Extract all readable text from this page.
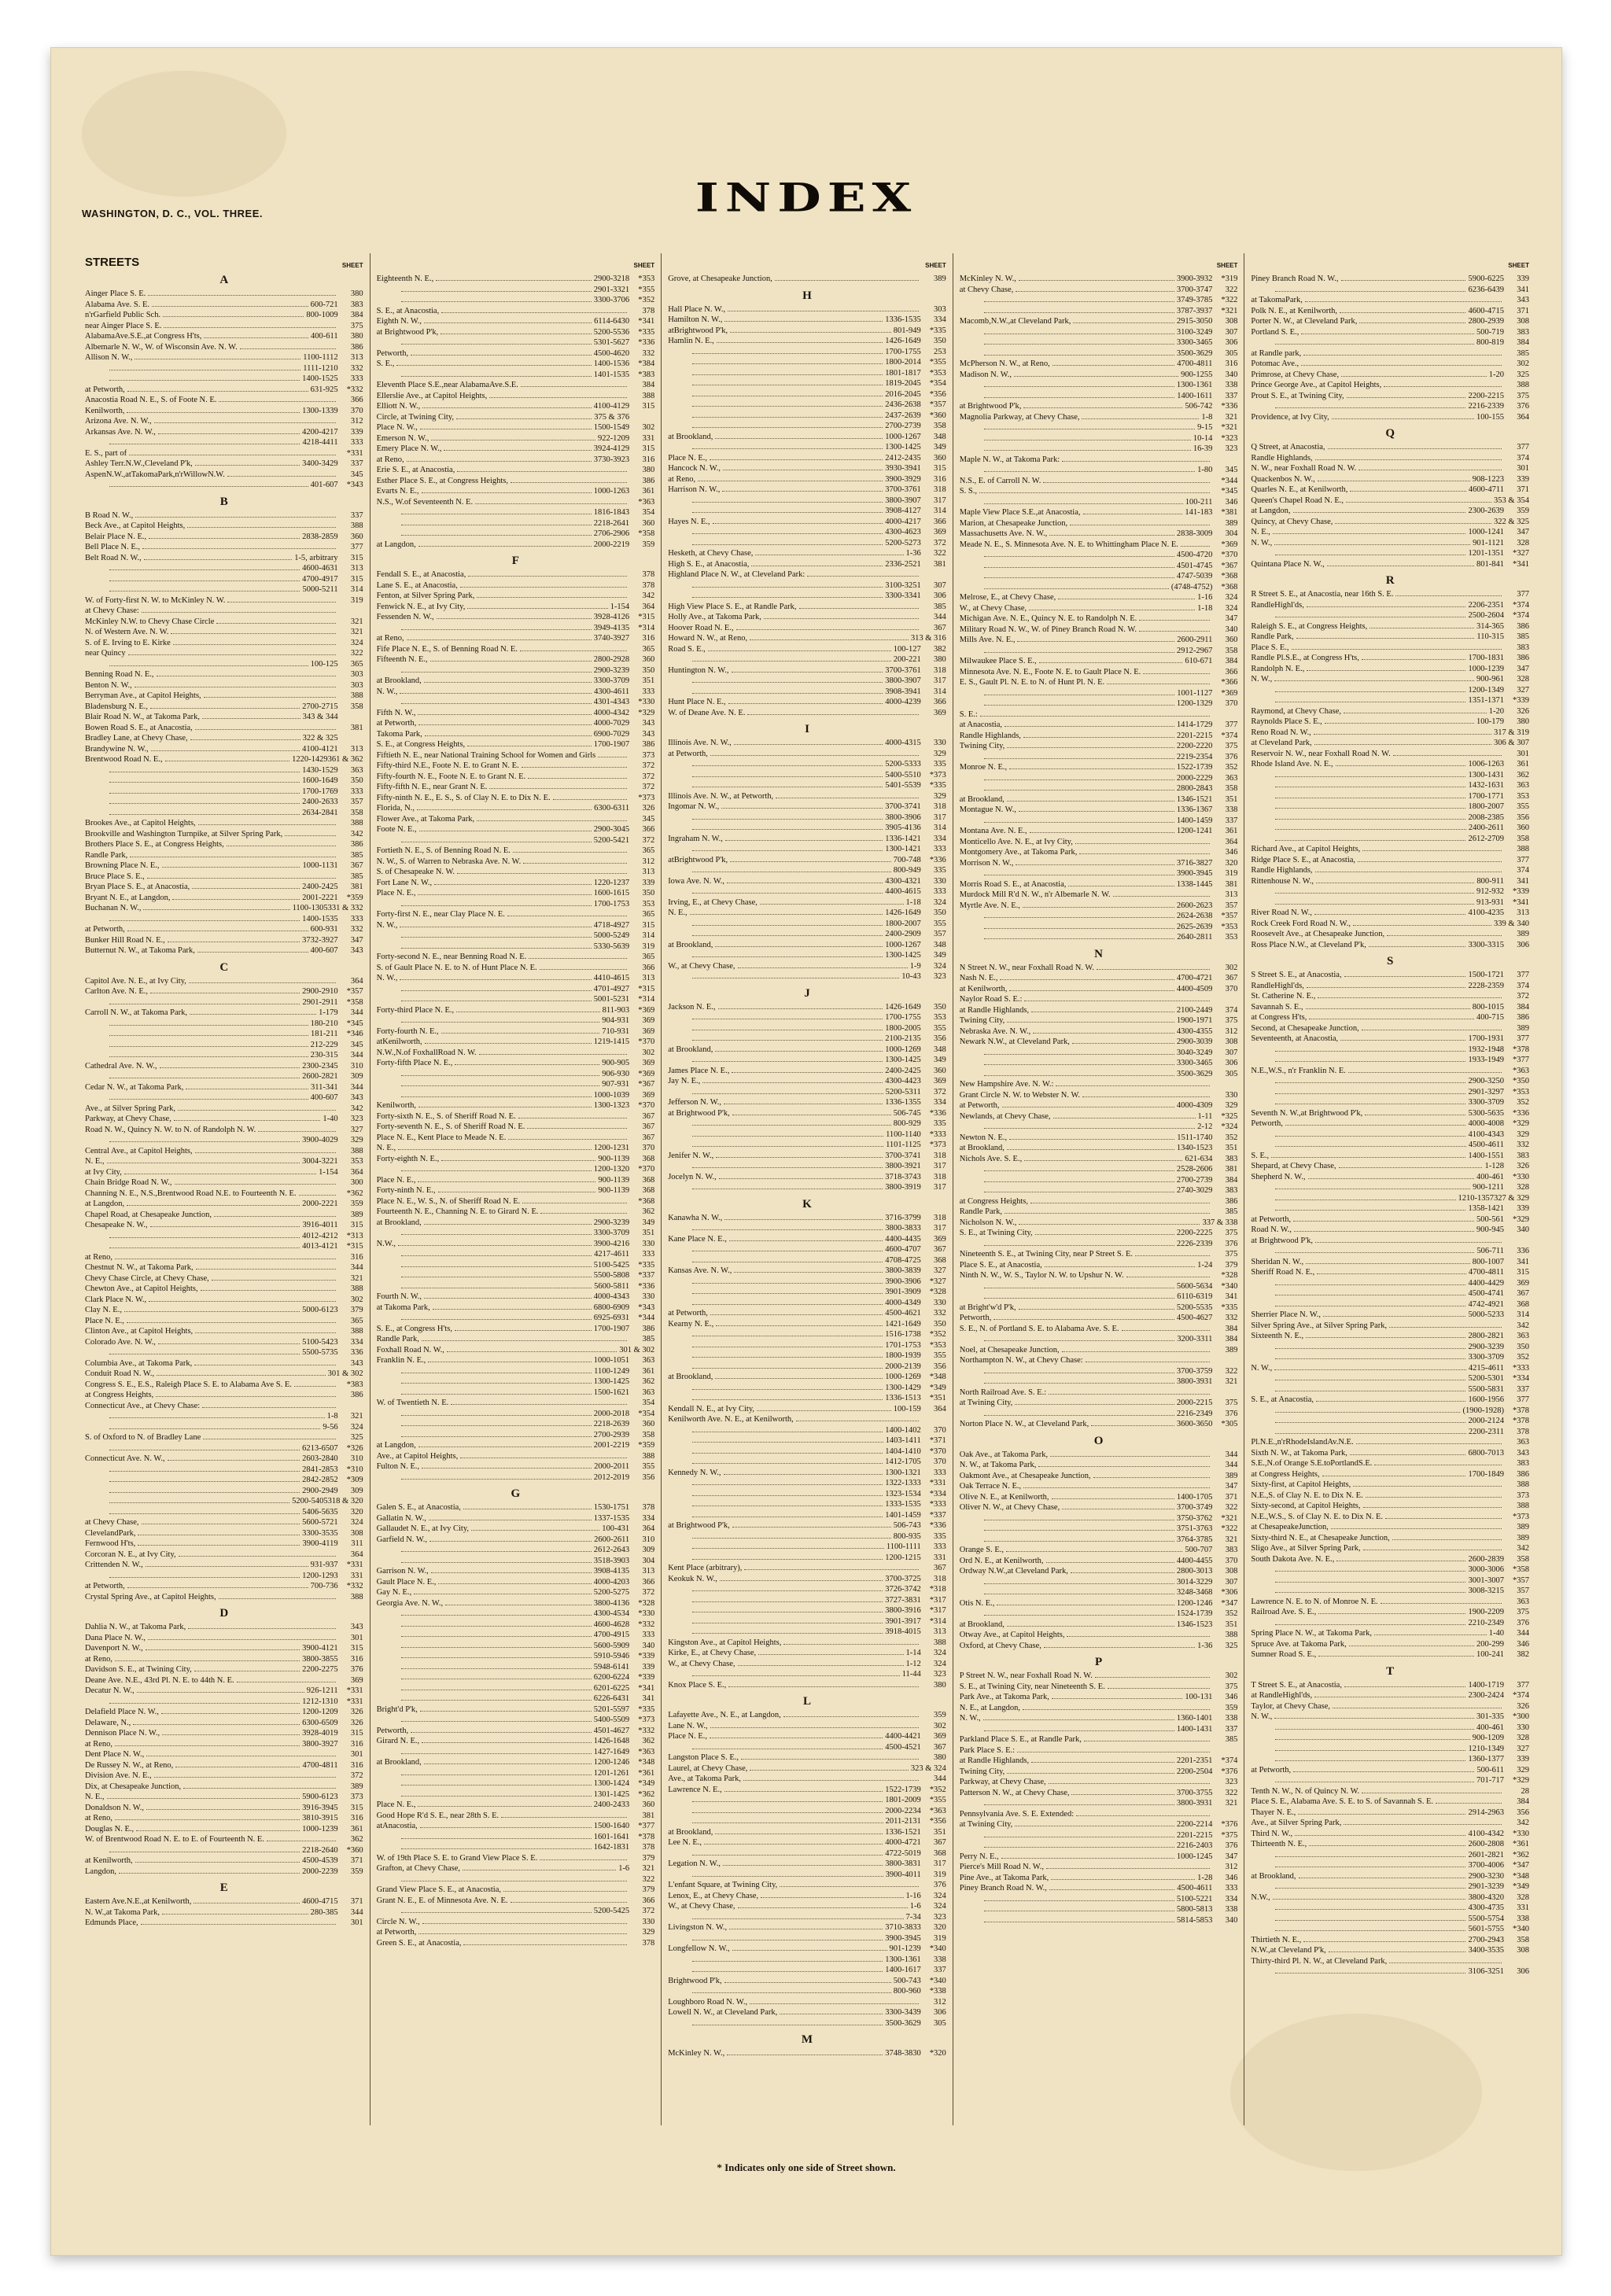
WASHINGTON, D. C., VOL. THREE.	INDEX
STREETS	SHEET
A
Ainger Place S. E.	380
Alabama Ave. S. E.	600-721	383
n'rGarfield Public Sch.	800-1009	384
near Ainger Place S. E.	375
AlabamaAve.S.E.,at Congress H'ts,	400-611	380
Albemarle N. W., W. of Wisconsin Ave. N. W.	386
Allison N. W.,	1100-1112	313
1111-1210	332
1400-1525	333
at Petworth,	631-925	*332
Anacostia Road N. E., S. of Foote N. E.	366
Kenilworth,	1300-1339	370
Arizona Ave. N. W.,	312
Arkansas Ave. N. W.,	4200-4217	339
4218-4411	333
E. S., part of	*331
Ashley Terr.N.W.,Cleveland P'k,	3400-3429	337
AspenN.W.,atTakomaPark,n'rWillowN.W.	345
401-607	*343
B
B Road N. W.,	337
Beck Ave., at Capitol Heights,	388
Belair Place N. E.,	2838-2859	360
Bell Place N. E.,	377
Belt Road N. W.,	1-5, arbitrary	315
4600-4631	313
4700-4917	315
5000-5211	314
W. of Forty-first N. W. to McKinley N. W.	319
at Chevy Chase:
McKinley N.W. to Chevy Chase Circle	321
N. of Western Ave. N. W.	321
S. of E. Irving to E. Kirke	324
near Quincy	322
100-125	365
Benning Road N. E.,	303
Benton N. W.,	303
Berryman Ave., at Capitol Heights,	388
Bladensburg N. E.,	2700-2715	358
Blair Road N. W., at Takoma Park,	343 & 344
Bowen Road S. E., at Anacostia,	381
Bradley Lane, at Chevy Chase,	322 & 325
Brandywine N. W.,	4100-4121	313
Brentwood Road N. E.,	1220-1429 361 & 362
1430-1529	363
1600-1649	350
1700-1769	333
2400-2633	357
2634-2841	358
Brookes Ave., at Capitol Heights,	388
Brookville and Washington Turnpike, at Silver Spring Park,	342
Brothers Place S. E., at Congress Heights,	386
Randle Park,	385
Browning Place N. E.,	1000-1131	367
Bruce Place S. E.,	385
Bryan Place S. E., at Anacostia,	2400-2425	381
Bryant N. E., at Langdon,	2001-2221	*359
Buchanan N. W.,	1100-1305 331 & 332
1400-1535	333
at Petworth,	600-931	332
Bunker Hill Road N. E.,	3732-3927	347
Butternut N. W., at Takoma Park,	400-607	343
C
Capitol Ave. N. E., at Ivy City,	364
Carlton Ave. N. E.,	2900-2910	*357
2901-2911	*358
Carroll N. W., at Takoma Park,	1-179	344
180-210	*345
181-211	*346
212-229	345
230-315	344
Cathedral Ave. N. W.,	2300-2345	310
2600-2821	309
Cedar N. W., at Takoma Park,	311-341	344
400-607	343
Ave., at Silver Spring Park,	342
Parkway, at Chevy Chase,	1-40	323
Road N. W., Quincy N. W. to N. of Randolph N. W.	327
3900-4029	329
Central Ave., at Capitol Heights,	388
N. E.,	3004-3221	353
at Ivy City,	1-154	364
Chain Bridge Road N. W.,	300
Channing N. E., N.S.,Brentwood Road N.E. to Fourteenth N. E.	*362
at Langdon,	2000-2221	359
Chapel Road, at Chesapeake Junction,	389
Chesapeake N. W.,	3916-4011	315
4012-4212	*313
4013-4121	*315
at Reno,	316
Chestnut N. W., at Takoma Park,	344
Chevy Chase Circle, at Chevy Chase,	321
Chewton Ave., at Capitol Heights,	388
Clark Place N. W.,	302
Clay N. E.,	5000-6123	379
Place N. E.,	365
Clinton Ave., at Capitol Heights,	388
Colorado Ave. N. W.,	5100-5423	334
5500-5735	336
Columbia Ave., at Takoma Park,	343
Conduit Road N. W.,	301 & 302
Congress S. E., E.S., Raleigh Place S. E. to Alabama Ave S. E.	*383
at Congress Heights,	386
Connecticut Ave., at Chevy Chase:
1-8	321
9-56	324
S. of Oxford to N. of Bradley Lane	325
6213-6507	*326
Connecticut Ave. N. W.,	2603-2840	310
2841-2853	*310
2842-2852	*309
2900-2949	309
5200-5405 318 & 320
5406-5635	320
at Chevy Chase,	5600-5721	324
ClevelandPark,	3300-3535	308
Fernwood H'ts,	3900-4119	311
Corcoran N. E., at Ivy City,	364
Crittenden N. W.,	931-937	*331
1200-1293	331
at Petworth,	700-736	*332
Crystal Spring Ave., at Capitol Heights,	388
D
Dahlia N. W., at Takoma Park,	343
Dana Place N. W.,	301
Davenport N. W.,	3900-4121	315
at Reno,	3800-3855	316
Davidson S. E., at Twining City,	2200-2275	376
Deane Ave. N.E., 43rd Pl. N. E. to 44th N. E.	369
Decatur N. W.,	926-1211	*331
1212-1310	*331
Delafield Place N. W.,	1200-1209	326
Delaware, N.,	6300-6509	326
Dennison Place N. W.,	3928-4019	315
at Reno,	3800-3927	316
Dent Place N. W.,	301
De Russey N. W., at Reno,	4700-4811	316
Division Ave. N. E.,	372
Dix, at Chesapeake Junction,	389
N. E.,	5900-6123	373
Donaldson N. W.,	3916-3945	315
at Reno,	3810-3915	316
Douglas N. E.,	1000-1239	361
W. of Brentwood Road N. E. to E. of Fourteenth N. E.	362
2218-2640	*360
at Kenilworth,	4500-4539	371
Langdon,	2000-2239	359
E
Eastern Ave.N.E.,at Kenilworth,	4600-4715	371
N. W.,at Takoma Park,	280-385	344
Edmunds Place,	301
SHEET
Eighteenth N. E.,	2900-3218	*353
2901-3321	*355
3300-3706	*352
S. E., at Anacostia,	378
Eighth N. W.,	6114-6430	*341
at Brightwood P'k,	5200-5536	*335
5301-5627	*336
Petworth,	4500-4620	332
S. E.,	1400-1536	*384
1401-1535	*383
Eleventh Place S.E.,near AlabamaAve.S.E.	384
Ellerslie Ave., at Capitol Heights,	388
Elliott N. W.,	4100-4129	315
Circle, at Twining City,	375 & 376
Place N. W.,	1500-1549	302
Emerson N. W.,	922-1209	331
Emery Place N. W.,	3924-4129	315
at Reno,	3730-3923	316
Erie S. E., at Anacostia,	380
Esther Place S. E., at Congress Heights,	386
Evarts N. E.,	1000-1263	361
N.S., W.of Seventeenth N. E.	*363
1816-1843	354
2218-2641	360
2706-2906	*358
at Langdon,	2000-2219	359
F
Fendall S. E., at Anacostia,	378
Lane S. E., at Anacostia,	378
Fenton, at Silver Spring Park,	342
Fenwick N. E., at Ivy City,	1-154	364
Fessenden N. W.,	3928-4126	*315
3949-4135	*314
at Reno,	3740-3927	316
Fife Place N. E., S. of Benning Road N. E.	365
Fifteenth N. E.,	2800-2928	360
2900-3239	350
at Brookland,	3300-3709	351
N. W.,	4300-4611	333
4301-4343	*330
Fifth N. W.,	4000-4342	*329
at Petworth,	4000-7029	343
Takoma Park,	6900-7029	343
S. E., at Congress Heights,	1700-1907	386
Fiftieth N. E., near National Training School for Women and Girls	373
Fifty-third N.E., Foote N. E. to Grant N. E.	372
Fifty-fourth N. E., Foote N. E. to Grant N. E.	372
Fifty-fifth N. E., near Grant N. E.	372
Fifty-ninth N. E., E. S., S. of Clay N. E. to Dix N. E.	*373
Florida, N.,	6300-6311	326
Flower Ave., at Takoma Park,	345
Foote N. E.,	2900-3045	366
5200-5421	372
Fortieth N. E., S. of Benning Road N. E.	365
N. W., S. of Warren to Nebraska Ave. N. W.	312
S. of Chesapeake N. W.	313
Fort Lane N. W.,	1220-1237	339
Place N. E.,	1600-1615	350
1700-1753	353
Forty-first N. E., near Clay Place N. E.	365
N. W.,	4718-4927	315
5000-5249	314
5330-5639	319
Forty-second N. E., near Benning Road N. E.	365
S. of Gault Place N. E. to N. of Hunt Place N. E.	366
N. W.,	4410-4615	313
4701-4927	*315
5001-5231	*314
Forty-third Place N. E.,	811-903	*369
904-931	369
Forty-fourth N. E.,	710-931	369
atKenilworth,	1219-1415	*370
N.W.,N.of FoxhallRoad N. W.	302
Forty-fifth Place N. E.,	900-905	369
906-930	*369
907-931	*367
1000-1039	369
Kenilworth,	1300-1323	*370
Forty-sixth N. E., S. of Sheriff Road N. E.	367
Forty-seventh N. E., S. of Sheriff Road N. E.	367
Place N. E., Kent Place to Meade N. E.	367
N. E.,	1200-1231	370
Forty-eighth N. E.,	900-1139	368
1200-1320	*370
Place N. E.,	900-1139	368
Forty-ninth N. E.,	900-1139	368
Place N. E., W. S., N. of Sheriff Road N. E.	*368
Fourteenth N. E., Channing N. E. to Girard N. E.	362
at Brookland,	2900-3239	349
3300-3709	351
N.W.,	3900-4216	330
4217-4611	333
5100-5425	*335
5500-5808	*337
5600-5811	*336
Fourth N. W.,	4000-4343	330
at Takoma Park,	6800-6909	*343
6925-6931	*344
S. E., at Congress H'ts,	1700-1907	386
Randle Park,	385
Foxhall Road N. W.,	301 & 302
Franklin N. E.,	1000-1051	363
1100-1249	361
1300-1425	362
1500-1621	363
W. of Twentieth N. E.	354
2000-2018	*354
2218-2639	360
2700-2939	358
at Langdon,	2001-2219	*359
Ave., at Capitol Heights,	388
Fulton N. E.,	2000-2011	355
2012-2019	356
G
Galen S. E., at Anacostia,	1530-1751	378
Gallatin N. W.,	1337-1535	334
Gallaudet N. E., at Ivy City,	100-431	364
Garfield N. W.,	2600-2611	310
2612-2643	309
3518-3903	304
Garrison N. W.,	3908-4135	313
Gault Place N. E.,	4000-4203	366
Gay N. E.,	5200-5275	372
Georgia Ave. N. W.,	3800-4136	*328
4300-4534	*330
4600-4628	*332
4700-4915	333
5600-5909	340
5910-5946	*339
5948-6141	339
6200-6224	*339
6201-6225	*341
6226-6431	341
Bright'd P'k,	5201-5597	*335
5400-5509	*373
Petworth,	4501-4627	*332
Girard N. E.,	1426-1648	362
1427-1649	*363
at Brookland,	1200-1246	*348
1201-1261	*361
1300-1424	*349
1301-1425	*362
Place N. E.,	2400-2433	360
Good Hope R'd S. E., near 28th S. E.	381
atAnacostia,	1500-1640	*377
1601-1641	*378
1642-1831	378
W. of 19th Place S. E. to Grand View Place S. E.	379
Grafton, at Chevy Chase,	1-6	321
322
Grand View Place S. E., at Anacostia,	379
Grant N. E., E. of Minnesota Ave. N. E.	366
5200-5425	372
Circle N. W.,	330
at Petworth,	329
Green S. E., at Anacostia,	378
SHEET
Grove, at Chesapeake Junction,	389
H
Hall Place N. W.,	303
Hamilton N. W.,	1336-1535	334
atBrightwood P'k,	801-949	*335
Hamlin N. E.,	1426-1649	350
1700-1755	253
1800-2014	*355
1801-1817	*353
1819-2045	*354
2016-2045	*356
2436-2638	*357
2437-2639	*360
2700-2739	358
at Brookland,	1000-1267	348
1300-1425	349
Place N. E.,	2412-2435	360
Hancock N. W.,	3930-3941	315
at Reno,	3900-3929	316
Harrison N. W.,	3700-3761	318
3800-3907	317
3908-4127	314
Hayes N. E.,	4000-4217	366
4300-4623	369
5200-5273	372
Hesketh, at Chevy Chase,	1-36	322
High S. E., at Anacostia,	2336-2521	381
Highland Place N. W., at Cleveland Park:
3100-3251	307
3300-3341	306
High View Place S. E., at Randle Park,	385
Holly Ave., at Takoma Park,	344
Hoover Road N. E.,	367
Howard N. W., at Reno,	313 & 316
Road S. E.,	100-127	382
200-221	380
Huntington N. W.,	3700-3761	318
3800-3907	317
3908-3941	314
Hunt Place N. E.,	4000-4239	366
W. of Deane Ave. N. E.	369
I
Illinois Ave. N. W.,	4000-4315	330
at Petworth,	329
5200-5333	335
5400-5510	*373
5401-5539	*335
Illinois Ave. N. W., at Petworth,	329
Ingomar N. W.,	3700-3741	318
3800-3906	317
3905-4136	314
Ingraham N. W.,	1336-1421	334
1300-1421	333
atBrightwood P'k,	700-748	*336
800-949	335
Iowa Ave. N. W.,	4300-4321	330
4400-4615	333
Irving, E., at Chevy Chase,	1-18	324
N. E.,	1426-1649	350
1800-2007	355
2400-2909	357
at Brookland,	1000-1267	348
1300-1425	349
W., at Chevy Chase,	1-9	324
10-43	323
J
Jackson N. E.,	1426-1649	350
1700-1755	353
1800-2005	355
2100-2135	356
at Brookland,	1000-1269	348
1300-1425	349
James Place N. E.,	2400-2425	360
Jay N. E.,	4300-4423	369
5200-5311	372
Jefferson N. W.,	1336-1355	334
at Brightwood P'k,	506-745	*336
800-929	335
1100-1140	*333
1101-1125	*373
Jenifer N. W.,	3700-3741	318
3800-3921	317
Jocelyn N. W.,	3718-3743	318
3800-3919	317
K
Kanawha N. W.,	3716-3799	318
3800-3833	317
Kane Place N. E.,	4400-4435	369
4600-4707	367
4708-4725	368
Kansas Ave. N. W.,	3800-3839	327
3900-3906	*327
3901-3909	*328
4000-4349	330
at Petworth,	4500-4621	332
Kearny N. E.,	1421-1649	350
1516-1738	*352
1701-1753	*353
1800-1939	355
2000-2139	356
at Brookland,	1000-1269	*348
1300-1429	*349
1336-1513	*351
Kendall N. E., at Ivy City,	100-159	364
Kenilworth Ave. N. E., at Kenilworth,
1400-1402	370
1403-1411	*371
1404-1410	*370
1412-1705	370
Kennedy N. W.,	1300-1321	333
1322-1333	*331
1323-1534	*334
1333-1535	*333
1401-1459	*337
at Brightwood P'k,	506-743	*336
800-935	335
1100-1111	333
1200-1215	331
Kent Place (arbitrary),	367
Keokuk N. W.,	3700-3725	318
3726-3742	*318
3727-3831	*317
3800-3916	*317
3901-3917	*314
3918-4015	313
Kingston Ave., at Capitol Heights,	388
Kirke, E., at Chevy Chase,	1-14	324
W., at Chevy Chase,	1-12	324
11-44	323
Knox Place S. E.,	380
L
Lafayette Ave., N. E., at Langdon,	359
Lane N. W.,	302
Place N. E.,	4400-4421	369
4500-4521	367
Langston Place S. E.,	380
Laurel, at Chevy Chase,	323 & 324
Ave., at Takoma Park,	344
Lawrence N. E.,	1522-1739	*352
1801-2009	*355
2000-2234	*363
2011-2131	*356
at Brookland,	1336-1521	351
Lee N. E.,	4000-4721	367
4722-5019	368
Legation N. W.,	3800-3831	317
3900-4011	319
L'enfant Square, at Twining City,	376
Lenox, E., at Chevy Chase,	1-16	324
W., at Chevy Chase,	1-6	324
7-34	323
Livingston N. W.,	3710-3833	320
3900-3945	319
Longfellow N. W.,	901-1239	*340
1300-1361	338
1400-1617	337
Brightwood P'k,	500-743	*340
800-960	*338
Loughboro Road N. W.,	312
Lowell N. W., at Cleveland Park,	3300-3439	306
3500-3629	305
M
McKinley N. W.,	3748-3830	*320
SHEET
McKinley N. W.,	3900-3932	*319
at Chevy Chase,	3700-3747	322
3749-3785	*322
3787-3937	*321
Macomb,N.W.,at Cleveland Park,	2915-3050	308
3100-3249	307
3300-3465	306
3500-3629	305
McPherson N. W., at Reno,	4700-4811	316
Madison N. W.,	900-1255	340
1300-1361	338
1400-1611	337
at Brightwood P'k,	506-742	*336
Magnolia Parkway, at Chevy Chase,	1-8	321
9-15	*321
10-14	*323
16-39	323
Maple N. W., at Takoma Park:
1-80	345
N.S., E. of Carroll N. W.	*344
S. S.,	*345
100-211	346
Maple View Place S.E.,at Anacostia,	141-183	*381
Marion, at Chesapeake Junction,	389
Massachusetts Ave. N. W.,	2838-3009	304
Meade N. E., S. Minnesota Ave. N. E. to Whittingham Place N. E.	*369
4500-4720	*370
4501-4745	*367
4747-5039	*368
(4748-4752)	*368
Melrose, E., at Chevy Chase,	1-16	324
W., at Chevy Chase,	1-18	324
Michigan Ave. N. E., Quincy N. E. to Randolph N. E.	347
Military Road N. W., W. of Piney Branch Road N. W.	340
Mills Ave. N. E.,	2600-2911	360
2912-2967	358
Milwaukee Place S. E.,	610-671	384
Minnesota Ave. N. E., Foote N. E. to Gault Place N. E.	366
E. S., Gault Pl. N. E. to N. of Hunt Pl. N. E.	*366
1001-1127	*369
1200-1329	370
S. E.:
at Anacostia,	1414-1729	377
Randle Highlands,	2201-2215	*374
Twining City,	2200-2220	375
2219-2354	376
Monroe N. E.,	1522-1739	352
2000-2229	363
2800-2843	358
at Brookland,	1346-1521	351
Montague N. W.,	1336-1367	338
1400-1459	337
Montana Ave. N. E.,	1200-1241	361
Monticello Ave. N. E., at Ivy City,	364
Montgomery Ave., at Takoma Park,	346
Morrison N. W.,	3716-3827	320
3900-3945	319
Morris Road S. E., at Anacostia,	1338-1445	381
Murdock Mill R'd N. W., n'r Albemarle N. W.	313
Myrtle Ave. N. E.,	2600-2623	357
2624-2638	*357
2625-2639	*353
2640-2811	353
N
N Street N. W., near Foxhall Road N. W.	302
Nash N. E.,	4700-4721	367
at Kenilworth,	4400-4509	370
Naylor Road S. E.:
at Randle Highlands,	2100-2449	374
Twining City,	1900-1971	375
Nebraska Ave. N. W.,	4300-4355	312
Newark N.W., at Cleveland Park,	2900-3039	308
3040-3249	307
3300-3465	306
3500-3629	305
New Hampshire Ave. N. W.:
Grant Circle N. W. to Webster N. W.	330
at Petworth,	4000-4309	329
Newlands, at Chevy Chase,	1-11	*325
2-12	*324
Newton N. E.,	1511-1740	352
at Brookland,	1340-1523	351
Nichols Ave. S. E.,	621-634	383
2528-2606	381
2700-2739	384
2740-3029	383
at Congress Heights,	386
Randle Park,	385
Nicholson N. W.,	337 & 338
S. E., at Twining City,	2200-2225	375
2226-2339	376
Nineteenth S. E., at Twining City, near P Street S. E.	375
Place S. E., at Anacostia,	1-24	379
Ninth N. W., W. S., Taylor N. W. to Upshur N. W.	*328
5600-5634	*340
6110-6319	341
at Bright'w'd P'k,	5200-5535	*335
Petworth,	4500-4627	332
S. E., N. of Portland S. E. to Alabama Ave. S. E.	384
3200-3311	384
Noel, at Chesapeake Junction,	389
Northampton N. W., at Chevy Chase:
3700-3759	322
3800-3931	321
North Railroad Ave. S. E.:
at Twining City,	2000-2215	375
2216-2349	376
Norton Place N. W., at Cleveland Park,	3600-3650	*305
O
Oak Ave., at Takoma Park,	344
N. W., at Takoma Park,	344
Oakmont Ave., at Chesapeake Junction,	389
Oak Terrace N. E.,	347
Olive N. E., at Kenilworth,	1400-1705	371
Oliver N. W., at Chevy Chase,	3700-3749	322
3750-3762	*321
3751-3763	*322
3764-3785	321
Orange S. E.,	500-707	383
Ord N. E., at Kenilworth,	4400-4455	370
Ordway N.W.,at Cleveland Park,	2800-3013	308
3014-3229	307
3248-3468	*306
Otis N. E.,	1200-1246	*347
1524-1739	352
at Brookland,	1346-1523	351
Otway Ave., at Capitol Heights,	388
Oxford, at Chevy Chase,	1-36	325
P
P Street N. W., near Foxhall Road N. W.	302
S. E., at Twining City, near Nineteenth S. E.	375
Park Ave., at Takoma Park,	100-131	346
N. E., at Langdon,	359
N. W.,	1360-1401	338
1400-1431	337
Parkland Place S. E., at Randle Park,	385
Park Place S. E.:
at Randle Highlands,	2201-2351	*374
Twining City,	2200-2504	*376
Parkway, at Chevy Chase,	323
Patterson N. W., at Chevy Chase,	3700-3755	322
3800-3931	321
Pennsylvania Ave. S. E. Extended:
at Twining City,	2200-2214	*376
2201-2215	*375
2216-2403	376
Perry N. E.,	1000-1245	347
Pierce's Mill Road N. W.,	312
Pine Ave., at Takoma Park,	1-28	346
Piney Branch Road N. W.,	4500-4611	333
5100-5221	334
5800-5813	338
5814-5853	340
SHEET
Piney Branch Road N. W.,	5900-6225	339
6236-6439	341
at TakomaPark,	343
Polk N. E., at Kenilworth,	4600-4715	371
Porter N. W., at Cleveland Park,	2800-2939	308
Portland S. E.,	500-719	383
800-819	384
at Randle park,	385
Potomac Ave.,	302
Primrose, at Chevy Chase,	1-20	325
Prince George Ave., at Capitol Heights,	388
Prout S. E., at Twining City,	2200-2215	375
2216-2339	376
Providence, at Ivy City,	100-155	364
Q
Q Street, at Anacostia,	377
Randle Highlands,	374
N. W., near Foxhall Road N. W.	301
Quackenbos N. W.,	908-1223	339
Quarles N. E., at Kenilworth,	4600-4711	371
Queen's Chapel Road N. E.,	353 & 354
at Langdon,	2300-2639	359
Quincy, at Chevy Chase,	322 & 325
N. E.,	1000-1241	347
N. W.,	901-1121	328
1201-1351	*327
Quintana Place N. W.,	801-841	*341
R
R Street S. E., at Anacostia, near 16th S. E.	377
RandleHighl'ds,	2206-2351	*374
2500-2604	*374
Raleigh S. E., at Congress Heights,	314-365	386
Randle Park,	110-315	385
Place S. E.,	383
Randle Pl.S.E., at Congress H'ts,	1700-1831	386
Randolph N. E.,	1000-1239	347
N. W.,	900-961	328
1200-1349	327
1351-1371	*339
Raymond, at Chevy Chase,	1-20	326
Raynolds Place S. E.,	100-179	380
Reno Road N. W.,	317 & 319
at Cleveland Park,	306 & 307
Reservoir N. W., near Foxhall Road N. W.	301
Rhode Island Ave. N. E.,	1006-1263	361
1300-1431	362
1432-1631	363
1700-1771	353
1800-2007	355
2008-2385	356
2400-2611	360
2612-2709	358
Richard Ave., at Capitol Heights,	388
Ridge Place S. E., at Anacostia,	377
Randle Highlands,	374
Rittenhouse N. W.,	800-911	341
912-932	*339
913-931	*341
River Road N. W.,	4100-4235	313
Rock Creek Ford Road N. W.,	339 & 340
Roosevelt Ave., at Chesapeake Junction,	389
Ross Place N.W., at Cleveland P'k,	3300-3315	306
S
S Street S. E., at Anacostia,	1500-1721	377
RandleHighl'ds,	2228-2359	374
St. Catherine N. E.,	372
Savannah S. E.,	800-1015	384
at Congress H'ts,	400-715	386
Second, at Chesapeake Junction,	389
Seventeenth, at Anacostia,	1700-1931	377
1932-1948	*378
1933-1949	*377
N.E.,W.S., n'r Franklin N. E.	*363
2900-3250	*350
2901-3297	*353
3300-3709	352
Seventh N. W.,at Brightwood P'k,	5300-5635	*336
Petworth,	4000-4008	*329
4100-4343	329
4500-4611	332
S. E.,	1400-1551	383
Shepard, at Chevy Chase,	1-128	326
Shepherd N. W.,	400-461	*330
900-1211	328
1210-1357 327 & 329
1358-1421	339
at Petworth,	500-561	*329
Road N. W.,	900-945	340
at Brightwood P'k,
506-711	336
Sheridan N. W.,	800-1007	341
Sheriff Road N. E.,	4700-4811	315
4400-4429	369
4500-4741	367
4742-4921	368
Sherrier Place N. W.,	5000-5233	314
Silver Spring Ave., at Silver Spring Park,	342
Sixteenth N. E.,	2800-2821	363
2900-3239	350
3300-3709	352
N. W.,	4215-4611	*333
5200-5301	*334
5500-5831	337
S. E., at Anacostia,	1600-1956	377
(1900-1928)	*378
2000-2124	*378
2200-2311	378
Pl.N.E.,n'rRhodeIslandAv.N.E.	363
Sixth N. W., at Takoma Park,	6800-7013	343
S.E.,N.of Orange S.E.toPortlandS.E.	383
at Congress Heights,	1700-1849	386
Sixty-first, at Capitol Heights,	388
N.E.,S. of Clay N. E. to Dix N. E.	373
Sixty-second, at Capitol Heights,	388
N.E.,W.S., S. of Clay N. E. to Dix N. E.	*373
at ChesapeakeJunction,	389
Sixty-third N. E., at Chesapeake Junction,	389
Sligo Ave., at Silver Spring Park,	342
South Dakota Ave. N. E.,	2600-2839	358
3000-3006	*358
3001-3007	*357
3008-3215	357
Lawrence N. E. to N. of Monroe N. E.	363
Railroad Ave. S. E.,	1900-2209	375
2210-2349	376
Spring Place N. W., at Takoma Park,	1-40	344
Spruce Ave. at Takoma Park,	200-299	346
Sumner Road S. E.,	100-241	382
T
T Street S. E., at Anacostia,	1400-1719	377
at RandleHighl'ds,	2300-2424	*374
Taylor, at Chevy Chase,	326
N. W.,	301-335	*300
400-461	330
900-1209	328
1210-1349	327
1360-1377	339
at Petworth,	500-611	329
701-717	*329
Tenth N. W., N. of Quincy N. W.	28
Place S. E., Alabama Ave. S. E. to S. of Savannah S. E.	384
Thayer N. E.,	2914-2963	356
Ave., at Silver Spring Park,	342
Third N. W.,	4100-4342	*330
Thirteenth N. E.,	2600-2808	*361
2601-2821	*362
3700-4006	*347
at Brookland,	2900-3230	*348
2901-3239	*349
N.W.,	3800-4320	328
4300-4735	331
5500-5754	338
5601-5755	*340
Thirtieth N. E.,	2700-2943	358
N.W.,at Cleveland P'k,	3400-3535	308
Thirty-third Pl. N. W., at Cleveland Park,
3106-3251	306
* Indicates only one side of Street shown.
